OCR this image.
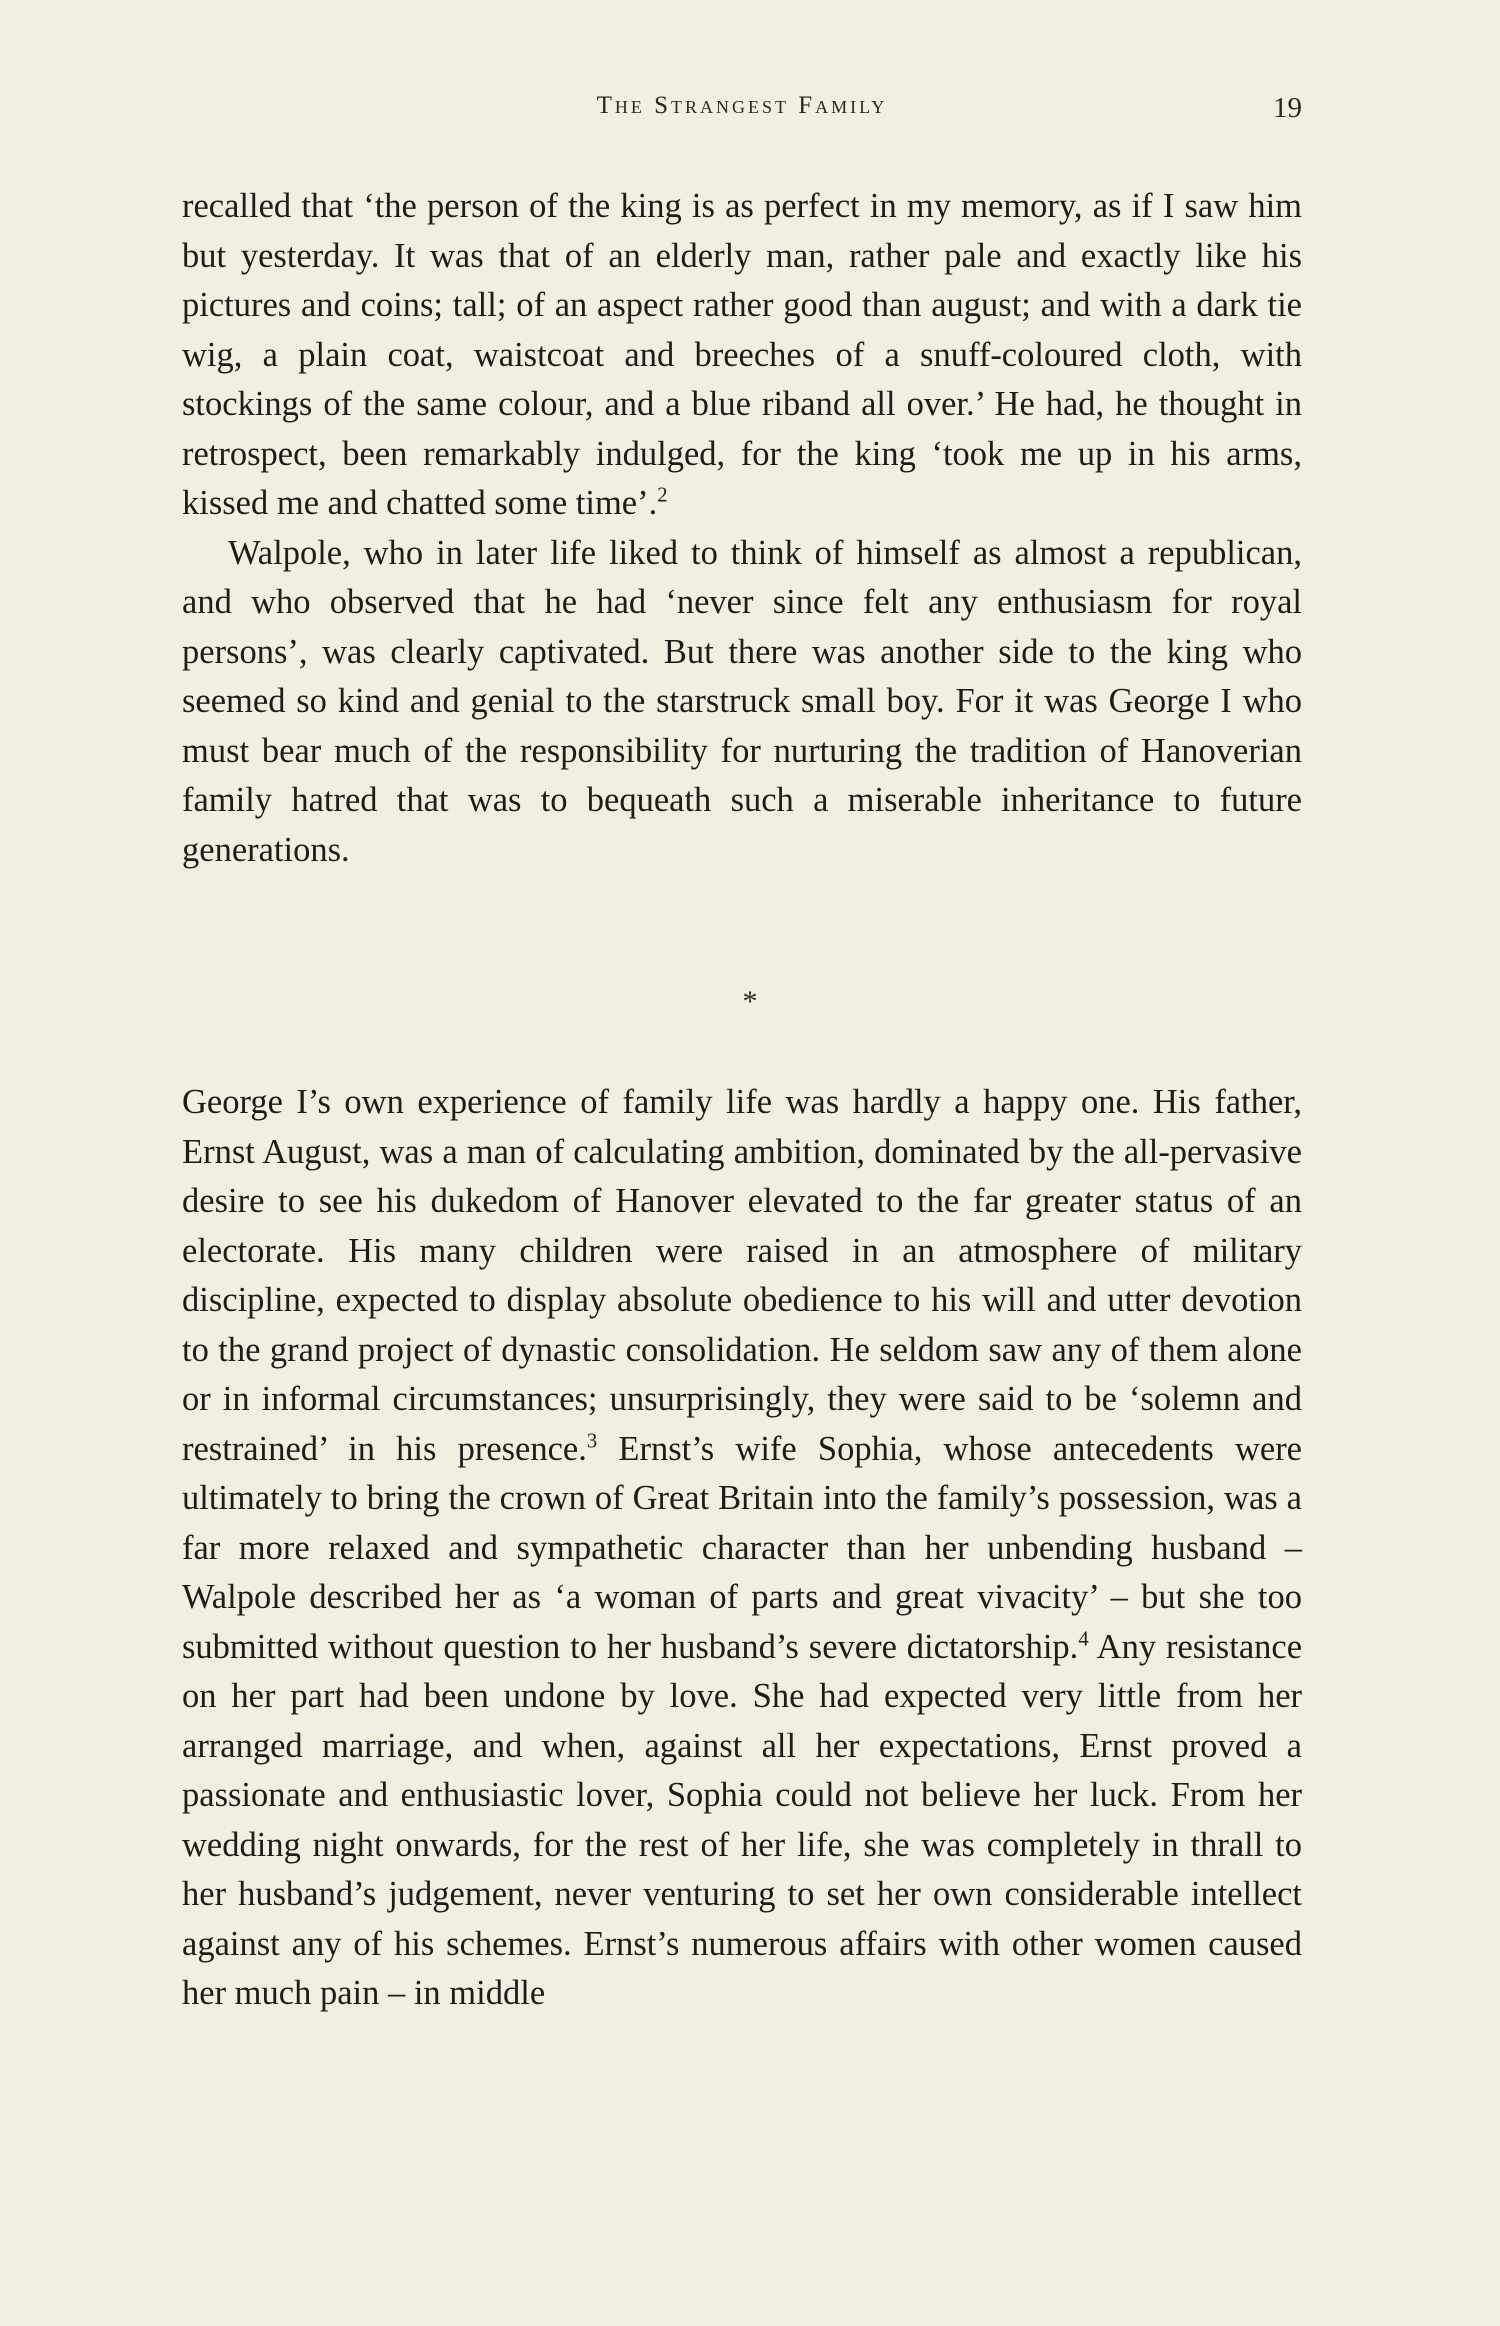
The Strangest Family	19

recalled that ‘the person of the king is as perfect in my memory, as if I saw him but yesterday. It was that of an elderly man, rather pale and exactly like his pictures and coins; tall; of an aspect rather good than august; and with a dark tie wig, a plain coat, waistcoat and breeches of a snuff-coloured cloth, with stockings of the same colour, and a blue riband all over.’ He had, he thought in retrospect, been remarkably indulged, for the king ‘took me up in his arms, kissed me and chatted some time’.$^2$

Walpole, who in later life liked to think of himself as almost a republican, and who observed that he had ‘never since felt any enthusiasm for royal persons’, was clearly captivated. But there was another side to the king who seemed so kind and genial to the starstruck small boy. For it was George I who must bear much of the responsibility for nurturing the tradition of Hanoverian family hatred that was to bequeath such a miserable inheritance to future generations.

*

George I’s own experience of family life was hardly a happy one. His father, Ernst August, was a man of calculating ambition, dominated by the all-pervasive desire to see his dukedom of Hanover elevated to the far greater status of an electorate. His many children were raised in an atmosphere of military discipline, expected to display absolute obedience to his will and utter devotion to the grand project of dynastic consolidation. He seldom saw any of them alone or in informal circumstances; unsurprisingly, they were said to be ‘solemn and restrained’ in his presence.$^3$ Ernst’s wife Sophia, whose antecedents were ultimately to bring the crown of Great Britain into the family’s possession, was a far more relaxed and sympathetic character than her unbending husband – Walpole described her as ‘a woman of parts and great vivacity’ – but she too submitted without question to her husband’s severe dictatorship.$^4$ Any resistance on her part had been undone by love. She had expected very little from her arranged marriage, and when, against all her expectations, Ernst proved a passionate and enthusiastic lover, Sophia could not believe her luck. From her wedding night onwards, for the rest of her life, she was completely in thrall to her husband’s judgement, never venturing to set her own considerable intellect against any of his schemes. Ernst’s numerous affairs with other women caused her much pain – in middle
